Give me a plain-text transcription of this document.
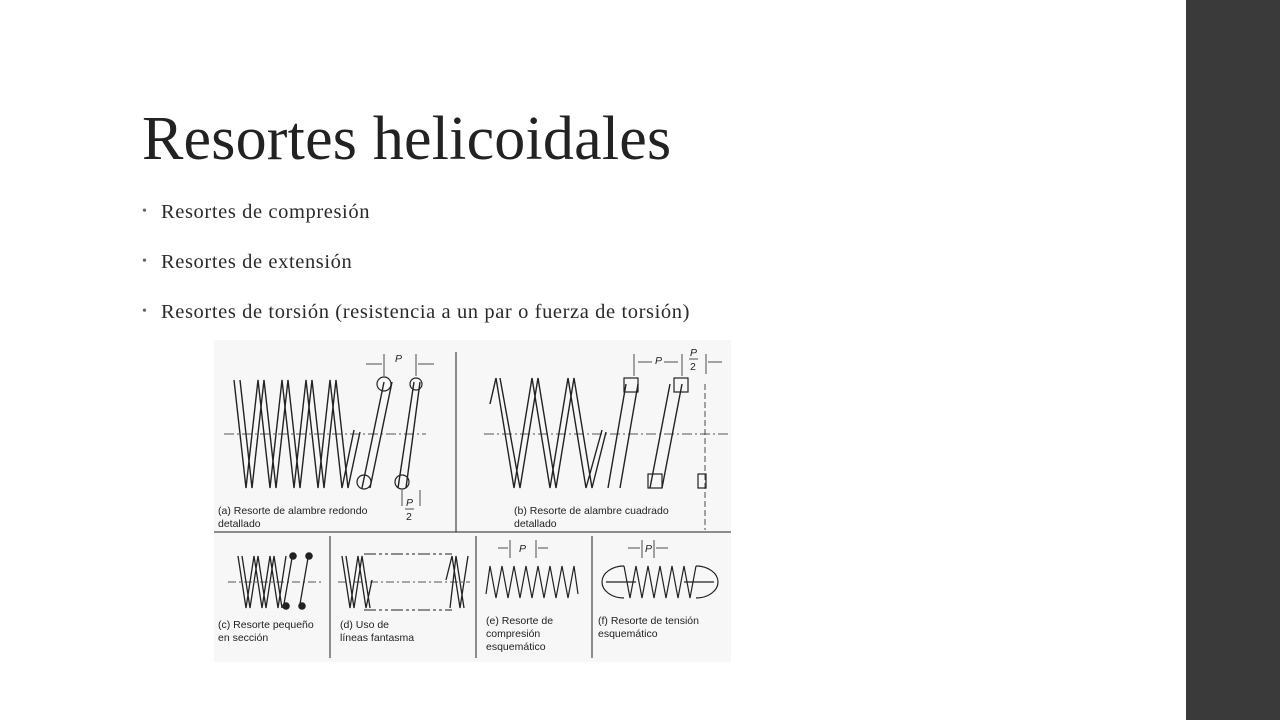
Resortes helicoidales
• Resortes de compresión
• Resortes de extensión
• Resortes de torsión (resistencia a un par o fuerza de torsión)
P
P
2
(a) Resorte de alambre redondo
detallado
P
P
2
(b) Resorte de alambre cuadrado
detallado
(c) Resorte pequeño
en sección
(d) Uso de
líneas fantasma
P
(e) Resorte de
compresión
esquemático
P
(f) Resorte de tensión
esquemático
